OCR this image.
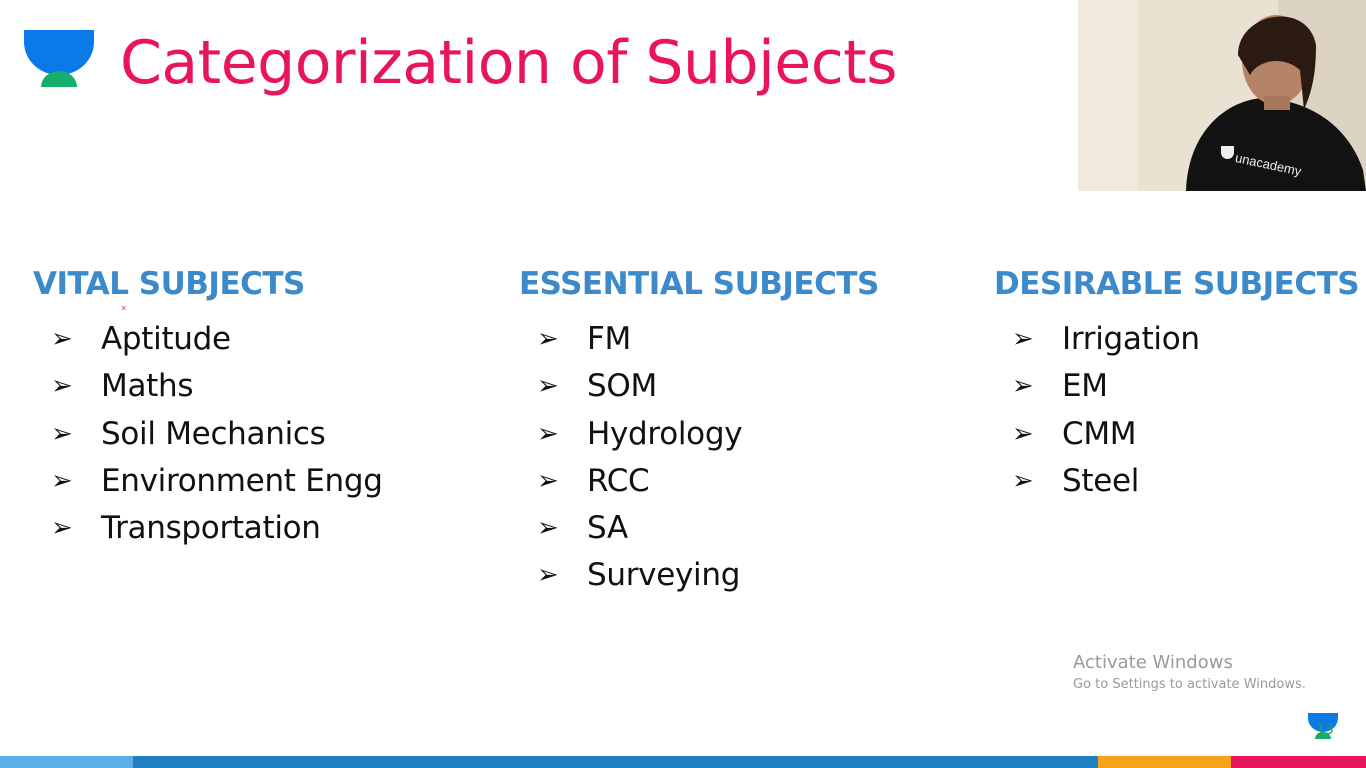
Categorization of Subjects
unacademy
×
VITAL SUBJECTS
➢ Aptitude
➢ Maths
➢ Soil Mechanics
➢ Environment Engg
➢ Transportation
ESSENTIAL SUBJECTS
➢ FM
➢ SOM
➢ Hydrology
➢ RCC
➢ SA
➢ Surveying
DESIRABLE SUBJECTS
➢ Irrigation
➢ EM
➢ CMM
➢ Steel
Activate Windows
Go to Settings to activate Windows.
13
